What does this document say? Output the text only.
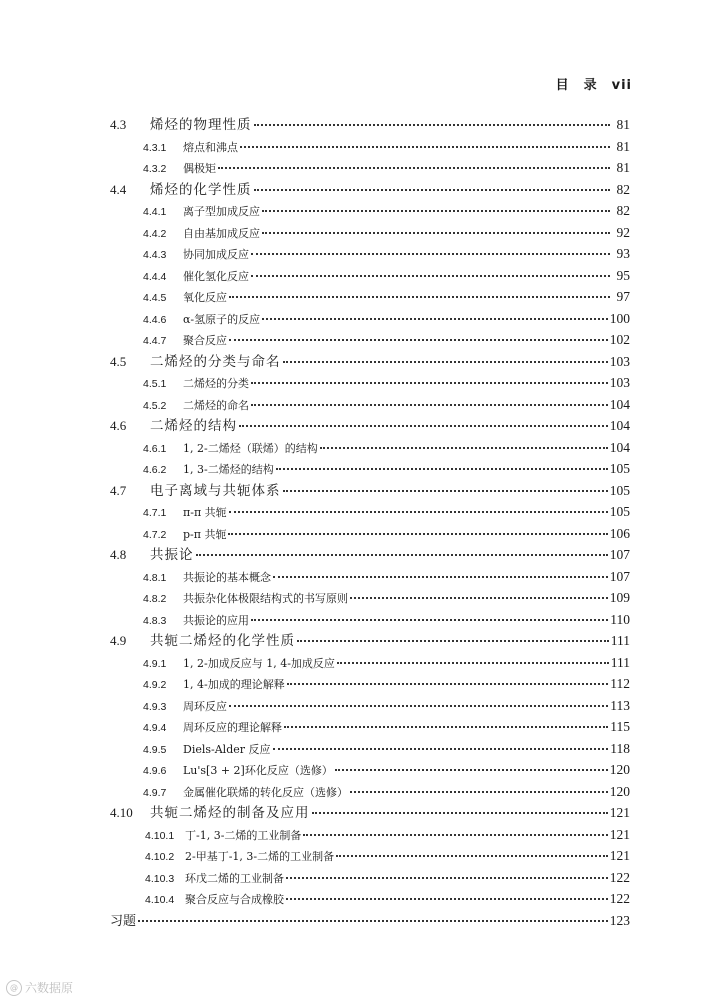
目 录 vii
4.3	烯烃的物理性质	81
4.3.1	熔点和沸点	81
4.3.2	偶极矩	81
4.4	烯烃的化学性质	82
4.4.1	离子型加成反应	82
4.4.2	自由基加成反应	92
4.4.3	协同加成反应	93
4.4.4	催化氢化反应	95
4.4.5	氧化反应	97
4.4.6	α-氢原子的反应	100
4.4.7	聚合反应	102
4.5	二烯烃的分类与命名	103
4.5.1	二烯烃的分类	103
4.5.2	二烯烃的命名	104
4.6	二烯烃的结构	104
4.6.1	1, 2-二烯烃（联烯）的结构	104
4.6.2	1, 3-二烯烃的结构	105
4.7	电子离域与共轭体系	105
4.7.1	π-π 共轭	105
4.7.2	p-π 共轭	106
4.8	共振论	107
4.8.1	共振论的基本概念	107
4.8.2	共振杂化体极限结构式的书写原则	109
4.8.3	共振论的应用	110
4.9	共轭二烯烃的化学性质	111
4.9.1	1, 2-加成反应与 1, 4-加成反应	111
4.9.2	1, 4-加成的理论解释	112
4.9.3	周环反应	113
4.9.4	周环反应的理论解释	115
4.9.5	Diels-Alder 反应	118
4.9.6	Lu's[3 + 2]环化反应（选修）	120
4.9.7	金属催化联烯的转化反应（选修）	120
4.10	共轭二烯烃的制备及应用	121
4.10.1 丁-1, 3-二烯的工业制备	121
4.10.2 2-甲基丁-1, 3-二烯的工业制备	121
4.10.3 环戊二烯的工业制备	122
4.10.4 聚合反应与合成橡胶	122
习题	123
@ 六数据原
